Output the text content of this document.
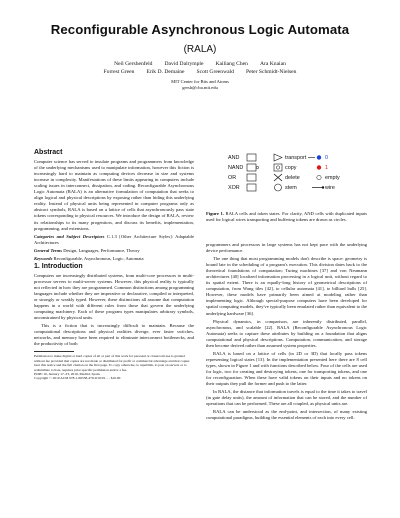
Reconfigurable Asynchronous Logic Automata
(RALA)
Neil Gershenfeld David Dalrymple Kailiang Chen Ara Knaian
Forrest Green Erik D. Demaine Scott Greenwald Peter Schmidt-Nielsen
MIT Center for Bits and Atoms
gersh@cba.mit.edu
Abstract

Computer science has served to insulate programs and programmers from knowledge of the underlying mechanisms used to manipulate information, however this fiction is increasingly hard to maintain as computing devices decrease in size and systems increase in complexity. Manifestations of these limits appearing in computers include scaling issues in interconnect, dissipation, and coding. Reconfigurable Asynchronous Logic Automata (RALA) is an alternative formulation of computation that seeks to align logical and physical descriptions by exposing rather than hiding this underlying reality. Instead of physical units being represented in computer programs only as abstract symbols, RALA is based on a lattice of cells that asynchronously pass state tokens corresponding to physical resources. We introduce the design of RALA, review its relationships to its many progenitors, and discuss its benefits, implementation, programming, and extensions.

Categories and Subject Descriptors C.1.3 [Other Architecture Styles]: Adaptable Architectures

General Terms Design, Languages, Performance, Theory

Keywords Reconfigurable, Asynchronous, Logic, Automata

1. Introduction

Computers are increasingly distributed systems, from multi-core processors to multi-processor servers to multi-server systems. However, this physical reality is typically not reflected in how they are programmed. Common distinctions among programming languages include whether they are imperative or declarative, compiled or interpreted, or strongly or weakly typed. However, these distinctions all assume that computation happens in a world with different rules from those that govern the underlying computing machinery. Each of these program types manipulates arbitrary symbols, unconstrained by physical units.

This is a fiction that is increasingly difficult to maintain. Because the computational descriptions and physical realities diverge, ever faster switches, networks, and memory have been required to eliminate interconnect bottlenecks, and the productivity of both

Permission to make digital or hard copies of all or part of this work for personal or classroom use is granted without fee provided that copies are not made or distributed for profit or commercial advantage and that copies bear this notice and the full citation on the first page. To copy otherwise, to republish, to post on servers or to redistribute to lists, requires prior specific permission and/or a fee.
POPL'10, January 17–23, 2010, Madrid, Spain.
Copyright © 2010 ACM 978-1-60558-479-9/10/01. . . $10.00
AND
NAND
OR
XOR
transport
copy
delete
stem
0
1
empty
wire
Figure 1. RALA cells and token states. For clarity, AND cells with duplicated inputs used for logical wires transporting and buffering tokens are drawn as circles.

programmers and processors in large systems has not kept pace with the underlying device performance.

The one thing that most programming models don't describe is space: geometry is bound late in the scheduling of a program's execution. This division dates back to the theoretical foundations of computation; Turing machines [37] and von Neumann architectures [40] localized information processing in a logical unit, without regard to its spatial extent. There is an equally-long history of geometrical descriptions of computation, from Wang tiles [42], to cellular automata [41], to billiard balls [25]. However, these models have primarily been aimed at modeling rather than implementing logic. Although special-purpose computers have been developed for spatial computing models, they've typically been emulated rather than equivalent to the underlying hardware [36].

Physical dynamics, in comparison, are inherently distributed, parallel, asynchronous, and scalable [22]. RALA (Reconfigurable Asynchronous Logic Automata) seeks to capture these attributes by building on a foundation that aligns computational and physical descriptions. Computation, communication, and storage then become derived rather than assumed system properties.

RALA is based on a lattice of cells (in 2D or 3D) that locally pass tokens representing logical states [13]. In the implementation presented here there are 8 cell types, shown in Figure 1 and with functions described below. Four of the cells are used for logic, two for creating and destroying tokens, one for transporting tokens, and one for reconfiguration. When these have valid tokens on their inputs and no tokens on their outputs they pull the former and push to the latter.

In RALA, the distance that information travels is equal to the time it takes to travel (in gate delay units), the amount of information that can be stored, and the number of operations that can be performed. These are all coupled, as physical units are.

RALA can be understood as the end-point, and intersection, of many existing computational paradigms, building the essential elements of each into every cell:
